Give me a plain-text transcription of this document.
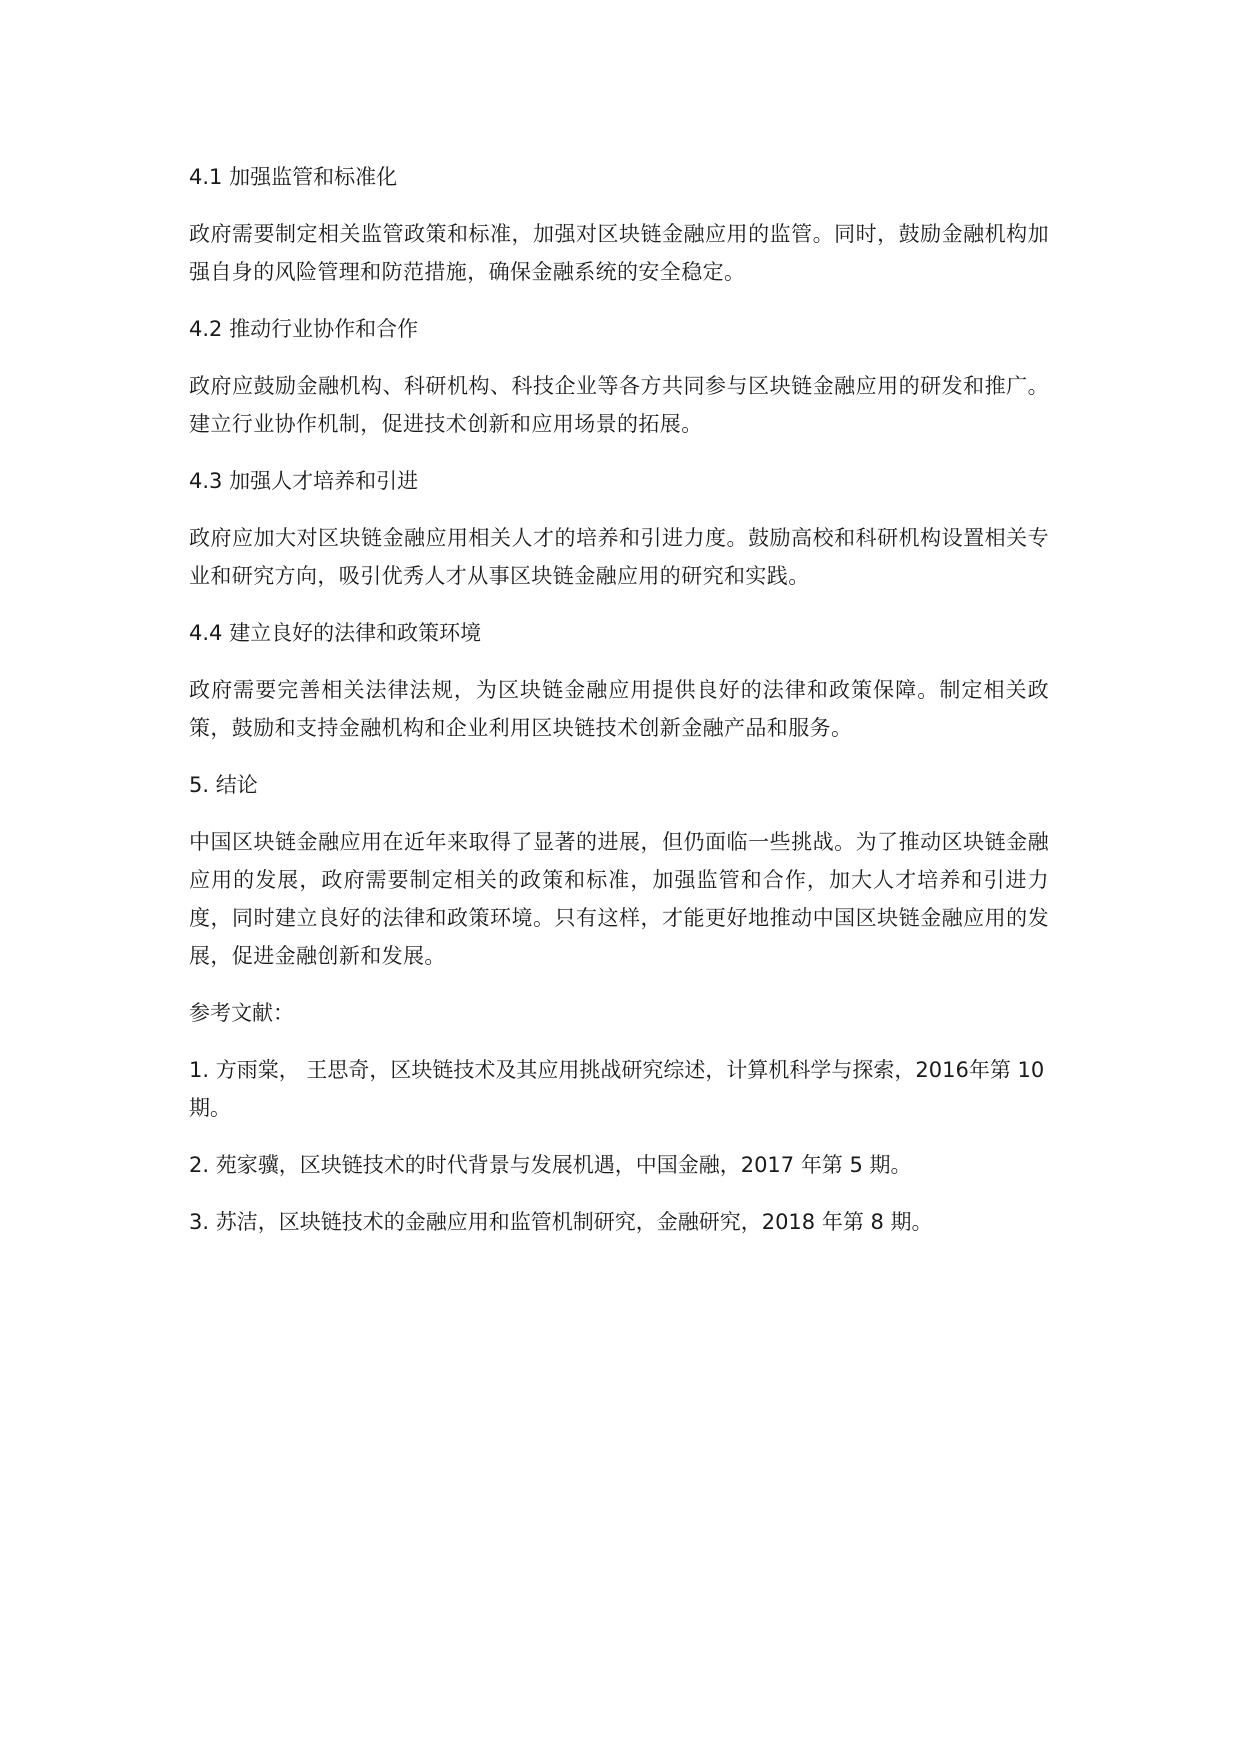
4.1 加强监管和标准化

政府需要制定相关监管政策和标准，加强对区块链金融应用的监管。同时，鼓励金融机构加强自身的风险管理和防范措施，确保金融系统的安全稳定。

4.2 推动行业协作和合作

政府应鼓励金融机构、科研机构、科技企业等各方共同参与区块链金融应用的研发和推广。建立行业协作机制，促进技术创新和应用场景的拓展。

4.3 加强人才培养和引进

政府应加大对区块链金融应用相关人才的培养和引进力度。鼓励高校和科研机构设置相关专业和研究方向，吸引优秀人才从事区块链金融应用的研究和实践。

4.4 建立良好的法律和政策环境

政府需要完善相关法律法规，为区块链金融应用提供良好的法律和政策保障。制定相关政策，鼓励和支持金融机构和企业利用区块链技术创新金融产品和服务。

5. 结论

中国区块链金融应用在近年来取得了显著的进展，但仍面临一些挑战。为了推动区块链金融应用的发展，政府需要制定相关的政策和标准，加强监管和合作，加大人才培养和引进力度，同时建立良好的法律和政策环境。只有这样，才能更好地推动中国区块链金融应用的发展，促进金融创新和发展。

参考文献：

1. 方雨棠， 王思奇，区块链技术及其应用挑战研究综述，计算机科学与探索，2016年第 10 期。

2. 苑家骥，区块链技术的时代背景与发展机遇，中国金融，2017 年第 5 期。

3. 苏洁，区块链技术的金融应用和监管机制研究，金融研究，2018 年第 8 期。
